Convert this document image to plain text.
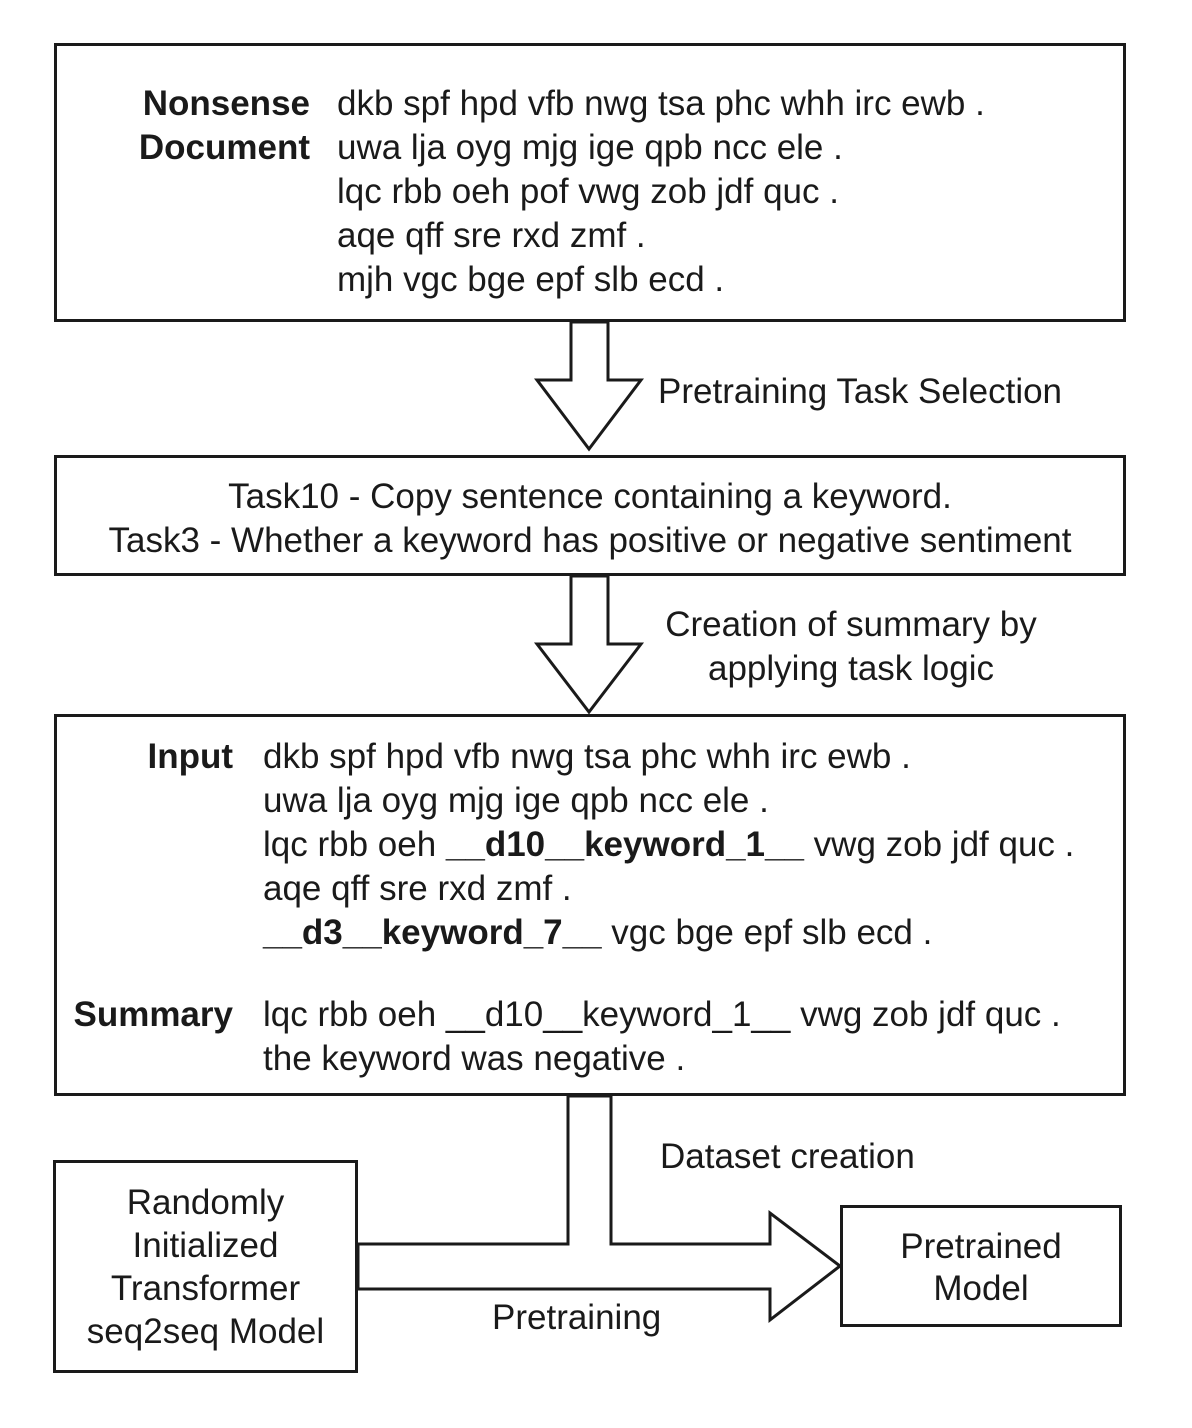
Nonsense
Document
dkb spf hpd vfb nwg tsa phc whh irc ewb .
uwa lja oyg mjg ige qpb ncc ele .
lqc rbb oeh pof vwg zob jdf quc .
aqe qff sre rxd zmf .
mjh vgc bge epf slb ecd .
Pretraining Task Selection
Task10 - Copy sentence containing a keyword.
Task3 - Whether a keyword has positive or negative sentiment
Creation of summary by
applying task logic
Input dkb spf hpd vfb nwg tsa phc whh irc ewb .
uwa lja oyg mjg ige qpb ncc ele .
lqc rbb oeh __d10__keyword_1__ vwg zob jdf quc .
aqe qff sre rxd zmf .
__d3__keyword_7__ vgc bge epf slb ecd .
Summary lqc rbb oeh __d10__keyword_1__ vwg zob jdf quc .
the keyword was negative .
Dataset creation
Randomly
Initialized
Transformer
seq2seq Model	Pretraining
Pretrained
Model
